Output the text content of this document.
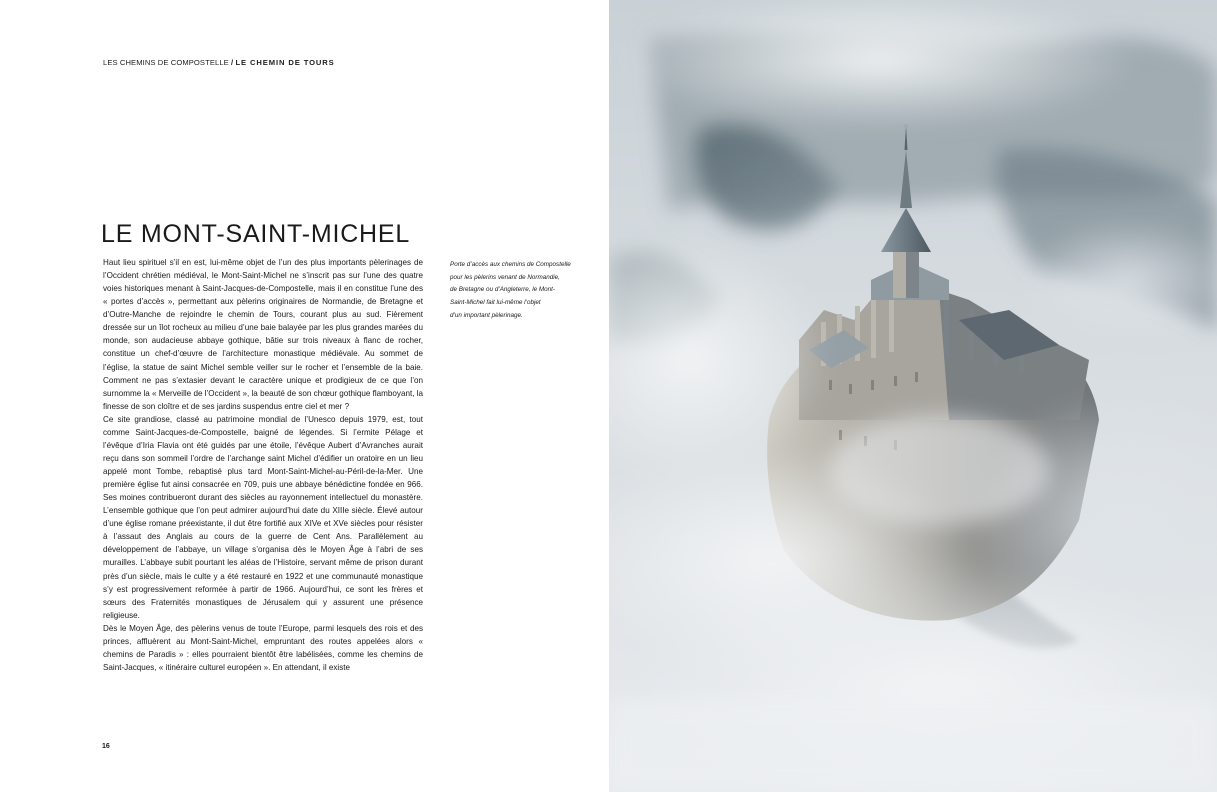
LES CHEMINS DE COMPOSTELLE / LE CHEMIN DE TOURS
LE MONT-SAINT-MICHEL

Haut lieu spirituel s’il en est, lui-même objet de l’un des plus importants pèlerinages de l’Occident chrétien médiéval, le Mont-Saint-Michel ne s’inscrit pas sur l’une des quatre voies historiques menant à Saint-Jacques-de-Compostelle, mais il en constitue l’une des « portes d’accès », permettant aux pèlerins originaires de Normandie, de Bretagne et d’Outre-Manche de rejoindre le chemin de Tours, courant plus au sud. Fièrement dressée sur un îlot rocheux au milieu d’une baie balayée par les plus grandes marées du monde, son audacieuse abbaye gothique, bâtie sur trois niveaux à flanc de rocher, constitue un chef-d’œuvre de l’architecture monastique médiévale. Au sommet de l’église, la statue de saint Michel semble veiller sur le rocher et l’ensemble de la baie. Comment ne pas s’extasier devant le caractère unique et prodigieux de ce que l’on surnomme la « Merveille de l’Occident », la beauté de son chœur gothique flamboyant, la finesse de son cloître et de ses jardins suspendus entre ciel et mer ?

Ce site grandiose, classé au patrimoine mondial de l’Unesco depuis 1979, est, tout comme Saint-Jacques-de-Compostelle, baigné de légendes. Si l’ermite Pélage et l’évêque d’Iria Flavia ont été guidés par une étoile, l’évêque Aubert d’Avranches aurait reçu dans son sommeil l’ordre de l’archange saint Michel d’édifier un oratoire en un lieu appelé mont Tombe, rebaptisé plus tard Mont-Saint-Michel-au-Péril-de-la-Mer. Une première église fut ainsi consacrée en 709, puis une abbaye bénédictine fondée en 966. Ses moines contribueront durant des siècles au rayonnement intellectuel du monastère. L’ensemble gothique que l’on peut admirer aujourd’hui date du XIIIe siècle. Élevé autour d’une église romane préexistante, il dut être fortifié aux XIVe et XVe siècles pour résister à l’assaut des Anglais au cours de la guerre de Cent Ans. Parallèlement au développement de l’abbaye, un village s’organisa dès le Moyen Âge à l’abri de ses murailles. L’abbaye subit pourtant les aléas de l’Histoire, servant même de prison durant près d’un siècle, mais le culte y a été restauré en 1922 et une communauté monastique s’y est progressivement reformée à partir de 1966. Aujourd’hui, ce sont les frères et sœurs des Fraternités monastiques de Jérusalem qui y assurent une présence religieuse.

Dès le Moyen Âge, des pèlerins venus de toute l’Europe, parmi lesquels des rois et des princes, affluèrent au Mont-Saint-Michel, empruntant des routes appelées alors « chemins de Paradis » : elles pourraient bientôt être labélisées, comme les chemins de Saint-Jacques, « itinéraire culturel européen ». En attendant, il existe

Porte d’accès aux chemins de Compostelle
pour les pèlerins venant de Normandie,
de Bretagne ou d’Angleterre, le Mont-
Saint-Michel fait lui-même l’objet
d’un important pèlerinage.
16
